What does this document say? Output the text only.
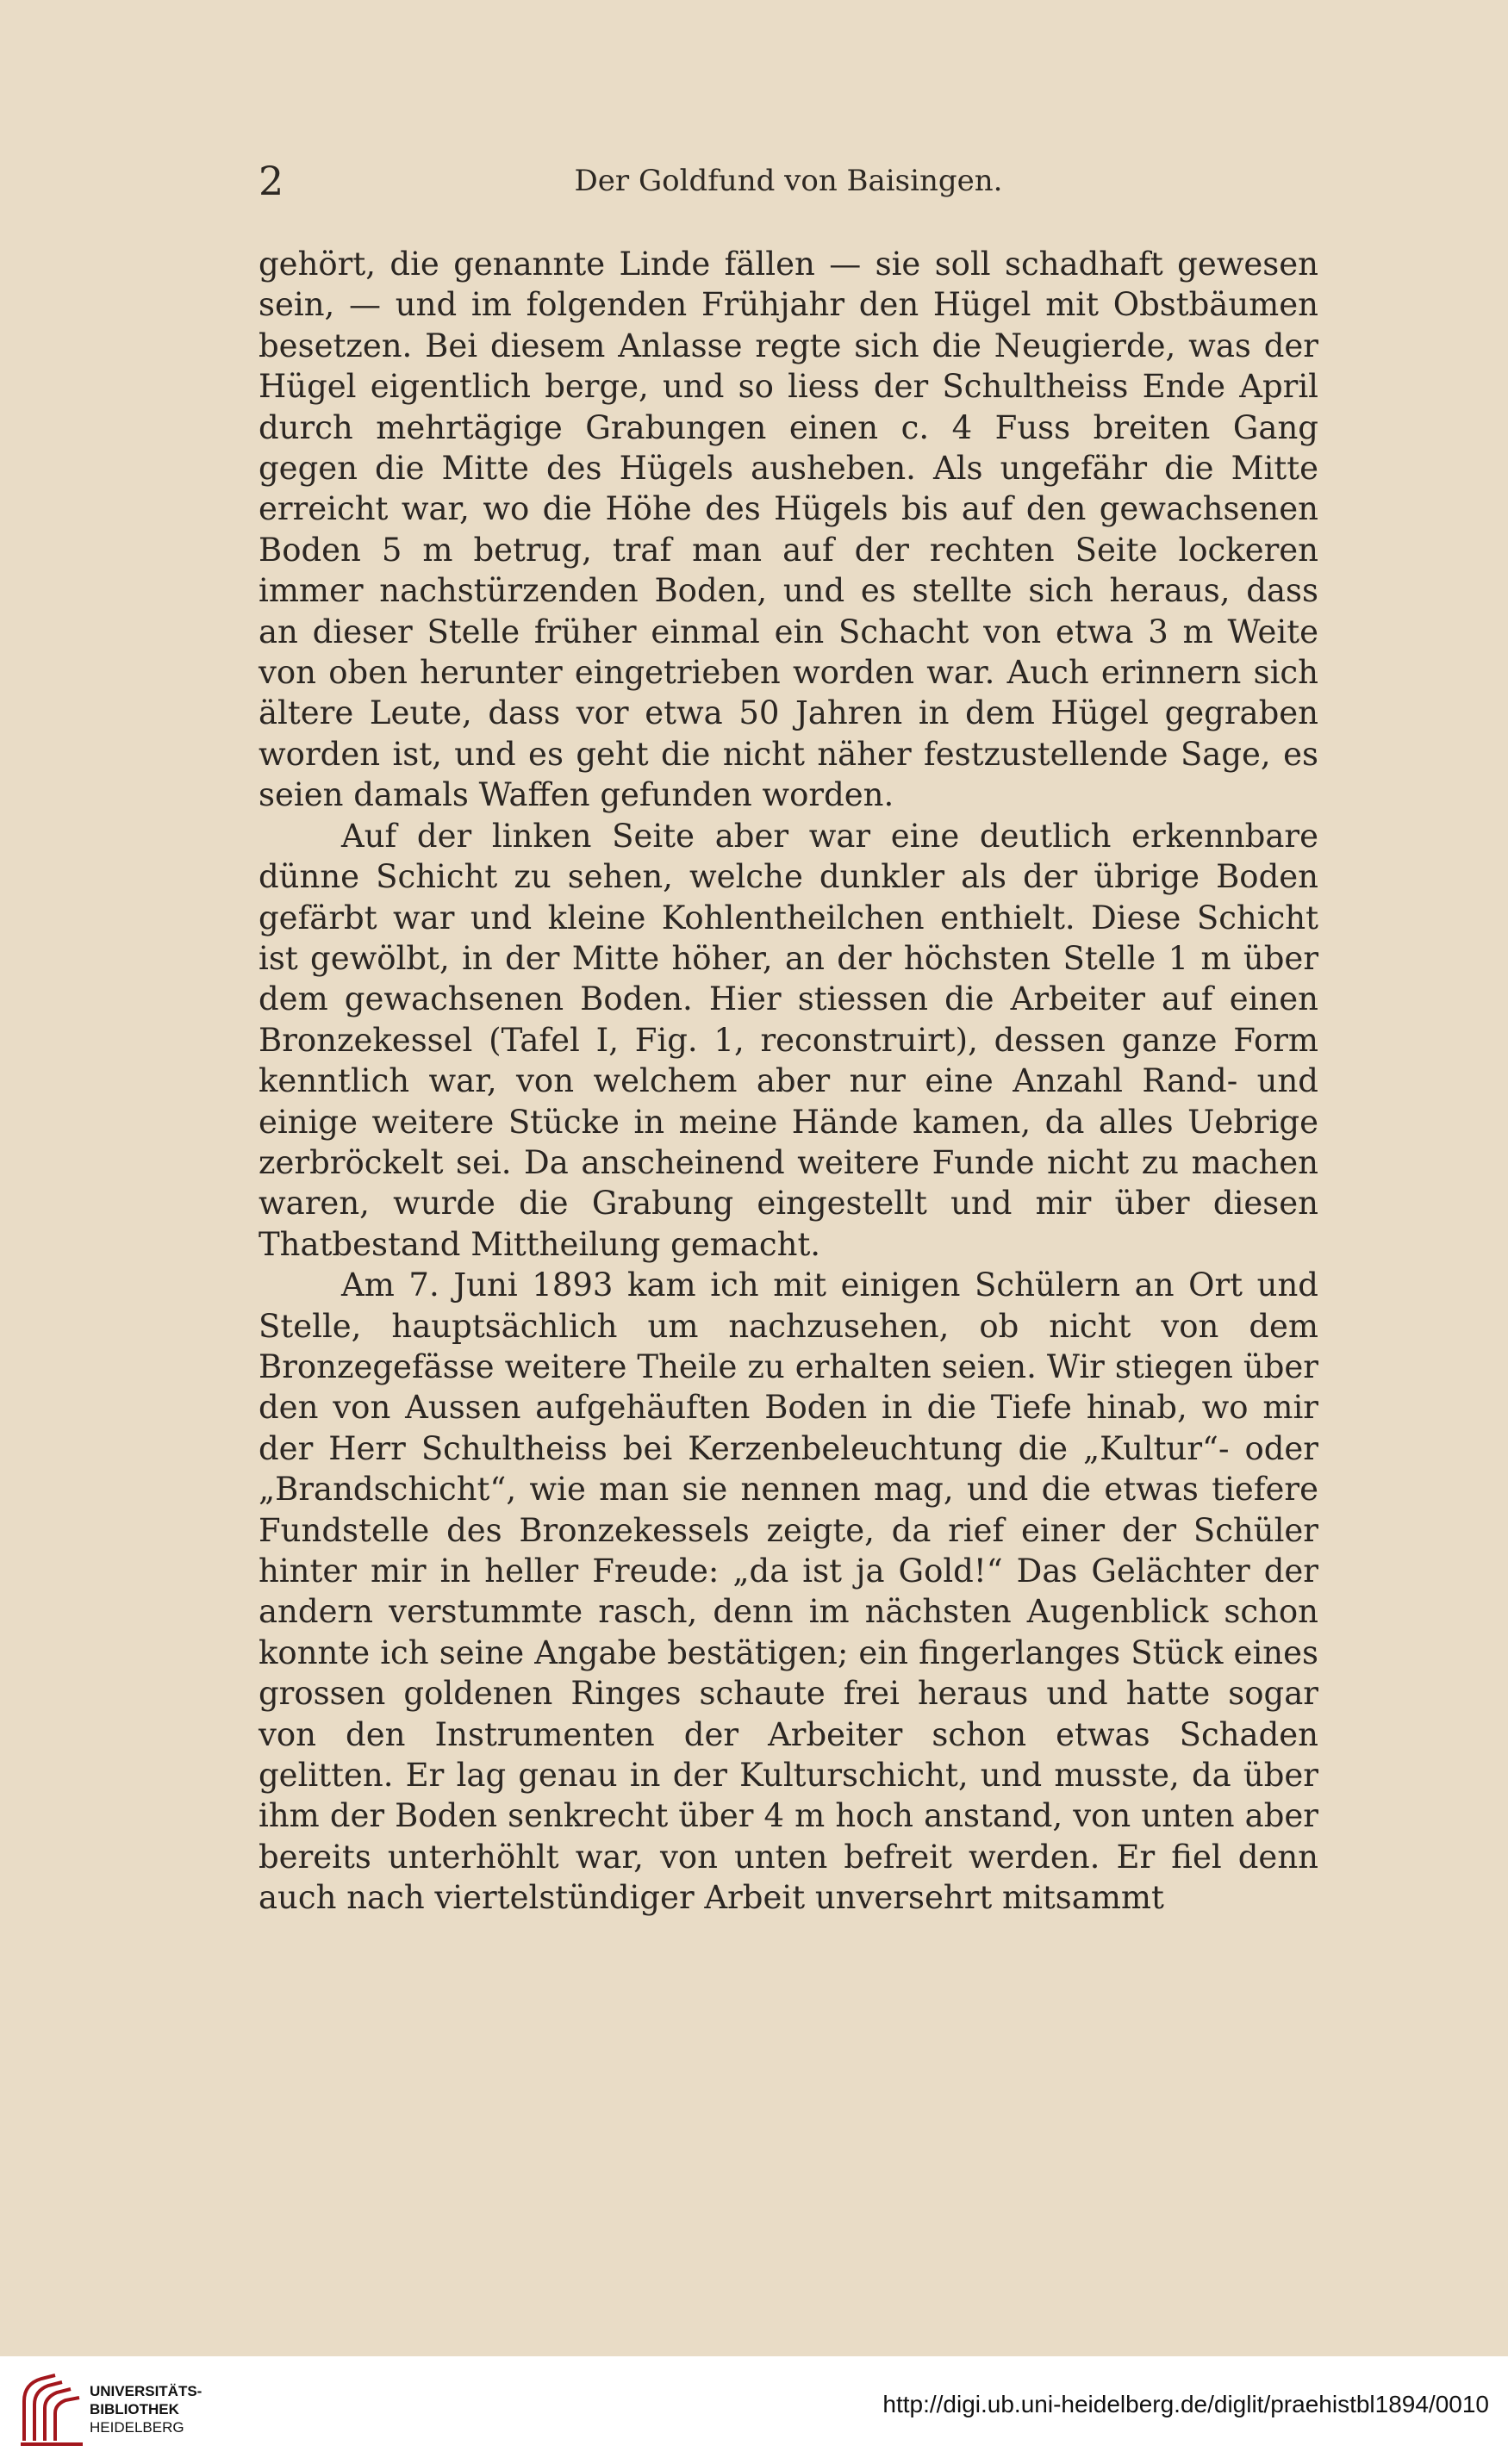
2	Der Goldfund von Baisingen.

gehört, die genannte Linde fällen — sie soll schadhaft gewesen sein, — und im folgenden Frühjahr den Hügel mit Obstbäumen besetzen. Bei diesem Anlasse regte sich die Neugierde, was der Hügel eigentlich berge, und so liess der Schultheiss Ende April durch mehrtägige Grabungen einen c. 4 Fuss breiten Gang gegen die Mitte des Hügels ausheben. Als ungefähr die Mitte erreicht war, wo die Höhe des Hügels bis auf den gewachsenen Boden 5 m betrug, traf man auf der rechten Seite lockeren immer nachstürzenden Boden, und es stellte sich heraus, dass an dieser Stelle früher einmal ein Schacht von etwa 3 m Weite von oben herunter eingetrieben worden war. Auch erinnern sich ältere Leute, dass vor etwa 50 Jahren in dem Hügel gegraben worden ist, und es geht die nicht näher festzustellende Sage, es seien damals Waffen gefunden worden.

Auf der linken Seite aber war eine deutlich erkennbare dünne Schicht zu sehen, welche dunkler als der übrige Boden gefärbt war und kleine Kohlentheilchen enthielt. Diese Schicht ist gewölbt, in der Mitte höher, an der höchsten Stelle 1 m über dem gewachsenen Boden. Hier stiessen die Arbeiter auf einen Bronzekessel (Tafel I, Fig. 1, reconstruirt), dessen ganze Form kenntlich war, von welchem aber nur eine Anzahl Rand- und einige weitere Stücke in meine Hände kamen, da alles Uebrige zerbröckelt sei. Da anscheinend weitere Funde nicht zu machen waren, wurde die Grabung eingestellt und mir über diesen Thatbestand Mittheilung gemacht.

Am 7. Juni 1893 kam ich mit einigen Schülern an Ort und Stelle, hauptsächlich um nachzusehen, ob nicht von dem Bronzegefässe weitere Theile zu erhalten seien. Wir stiegen über den von Aussen aufgehäuften Boden in die Tiefe hinab, wo mir der Herr Schultheiss bei Kerzenbeleuchtung die „Kultur“- oder „Brandschicht“, wie man sie nennen mag, und die etwas tiefere Fundstelle des Bronzekessels zeigte, da rief einer der Schüler hinter mir in heller Freude: „da ist ja Gold!“ Das Gelächter der andern verstummte rasch, denn im nächsten Augenblick schon konnte ich seine Angabe bestätigen; ein fingerlanges Stück eines grossen goldenen Ringes schaute frei heraus und hatte sogar von den Instrumenten der Arbeiter schon etwas Schaden gelitten. Er lag genau in der Kulturschicht, und musste, da über ihm der Boden senkrecht über 4 m hoch anstand, von unten aber bereits unterhöhlt war, von unten befreit werden. Er fiel denn auch nach viertelstündiger Arbeit unversehrt mitsammt

UNIVERSITÄTS-
BIBLIOTHEK
HEIDELBERG
http://digi.ub.uni-heidelberg.de/diglit/praehistbl1894/0010
